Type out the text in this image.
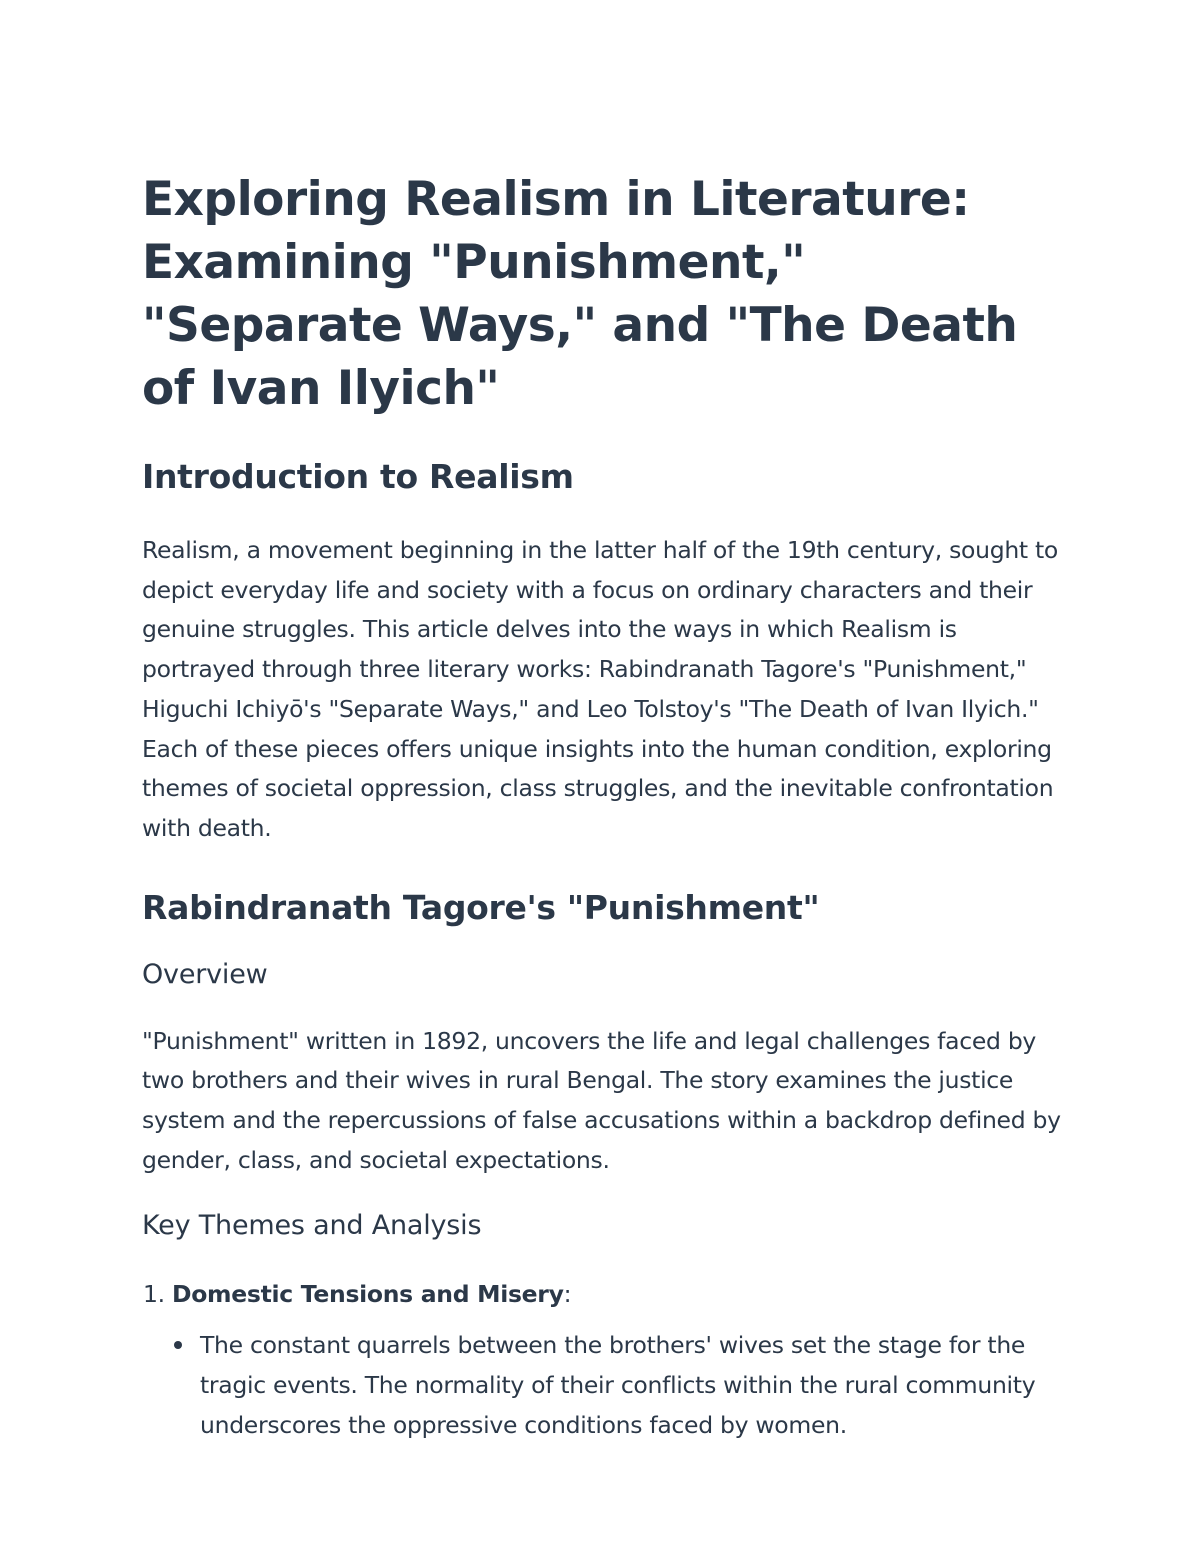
Exploring Realism in Literature: Examining "Punishment," "Separate Ways," and "The Death of Ivan Ilyich"
Introduction to Realism

Realism, a movement beginning in the latter half of the 19th century, sought to depict everyday life and society with a focus on ordinary characters and their genuine struggles. This article delves into the ways in which Realism is portrayed through three literary works: Rabindranath Tagore's "Punishment," Higuchi Ichiyō's "Separate Ways," and Leo Tolstoy's "The Death of Ivan Ilyich." Each of these pieces offers unique insights into the human condition, exploring themes of societal oppression, class struggles, and the inevitable confrontation with death.

Rabindranath Tagore's "Punishment"
Overview

"Punishment" written in 1892, uncovers the life and legal challenges faced by two brothers and their wives in rural Bengal. The story examines the justice system and the repercussions of false accusations within a backdrop defined by gender, class, and societal expectations.

Key Themes and Analysis
1. Domestic Tensions and Misery:
The constant quarrels between the brothers' wives set the stage for the tragic events. The normality of their conflicts within the rural community underscores the oppressive conditions faced by women.
